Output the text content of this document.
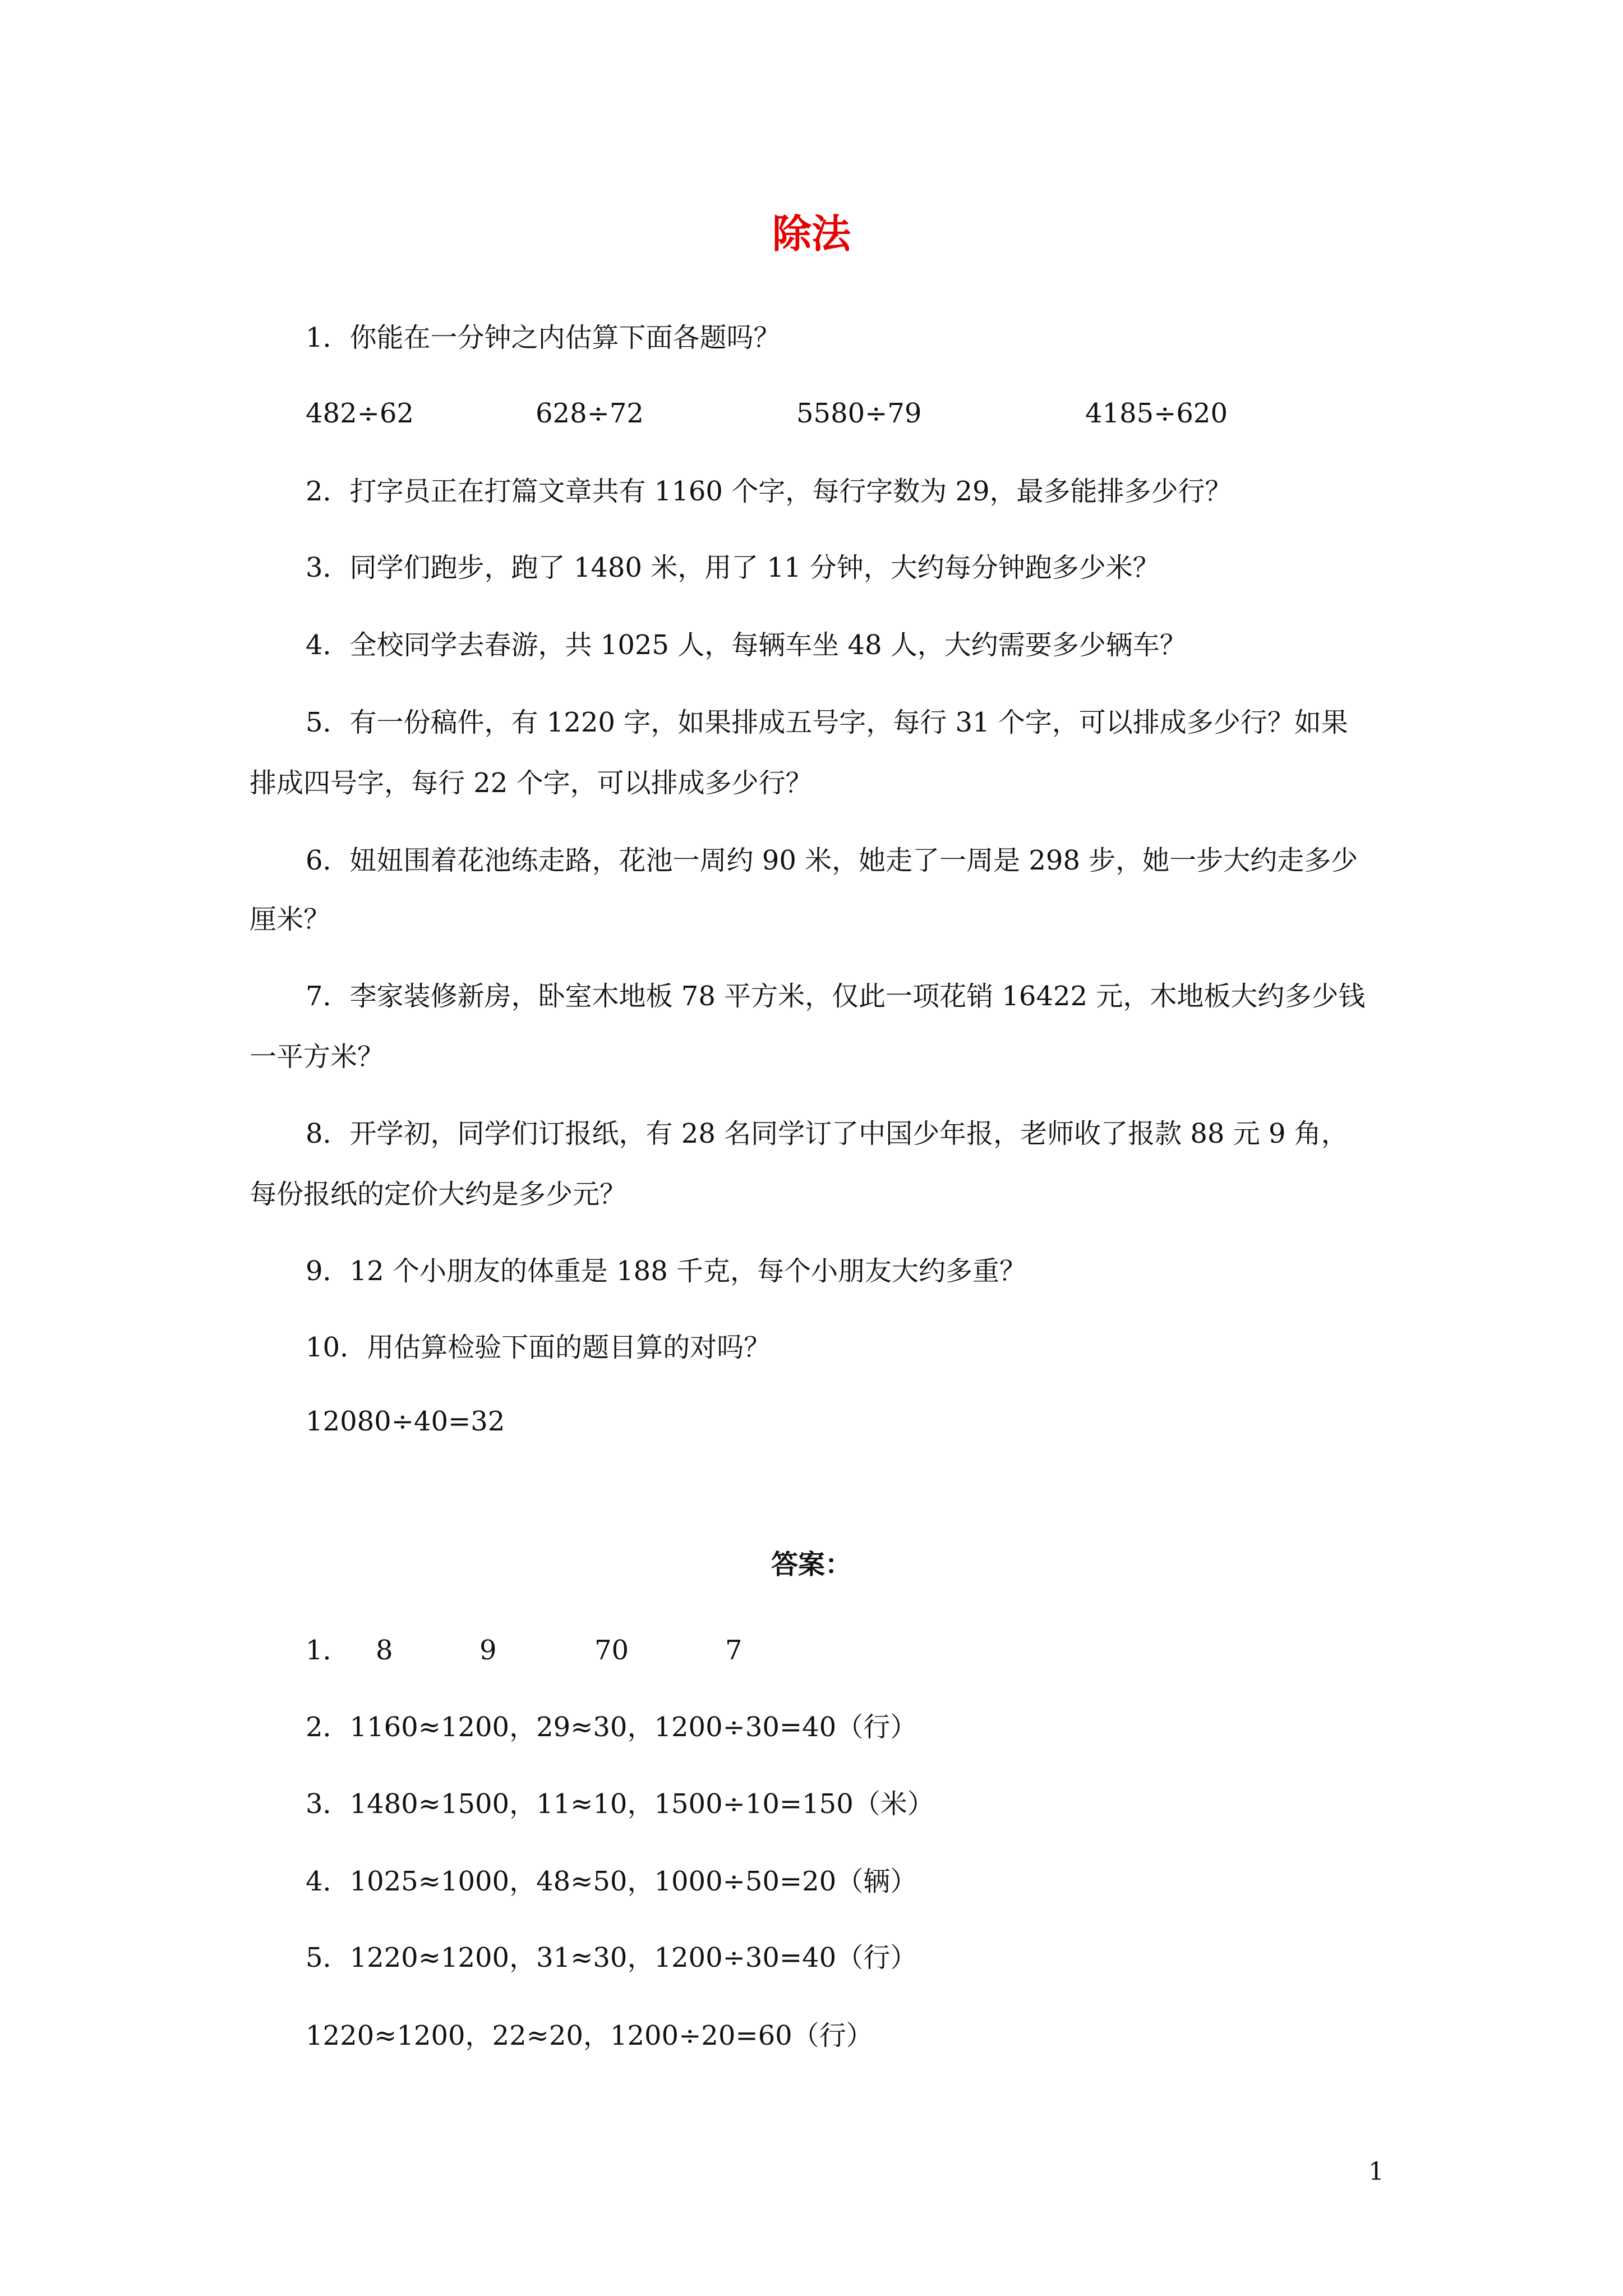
除法
1．你能在一分钟之内估算下面各题吗？
482÷62	628÷72	5580÷79	4185÷620
2．打字员正在打篇文章共有 1160 个字，每行字数为 29，最多能排多少行？
3．同学们跑步，跑了 1480 米，用了 11 分钟，大约每分钟跑多少米？
4．全校同学去春游，共 1025 人，每辆车坐 48 人，大约需要多少辆车？
5．有一份稿件，有 1220 字，如果排成五号字，每行 31 个字，可以排成多少行？如果
排成四号字，每行 22 个字，可以排成多少行？
6．妞妞围着花池练走路，花池一周约 90 米，她走了一周是 298 步，她一步大约走多少
厘米？
7．李家装修新房，卧室木地板 78 平方米，仅此一项花销 16422 元，木地板大约多少钱
一平方米？
8．开学初，同学们订报纸，有 28 名同学订了中国少年报，老师收了报款 88 元 9 角，
每份报纸的定价大约是多少元？
9．12 个小朋友的体重是 188 千克，每个小朋友大约多重？
10．用估算检验下面的题目算的对吗？
12080÷40=32
答案：
1． 8	9	70	7
2．1160≈1200，29≈30，1200÷30=40（行）
3．1480≈1500，11≈10，1500÷10=150（米）
4．1025≈1000，48≈50，1000÷50=20（辆）
5．1220≈1200，31≈30，1200÷30=40（行）
1220≈1200，22≈20，1200÷20=60（行）
1
